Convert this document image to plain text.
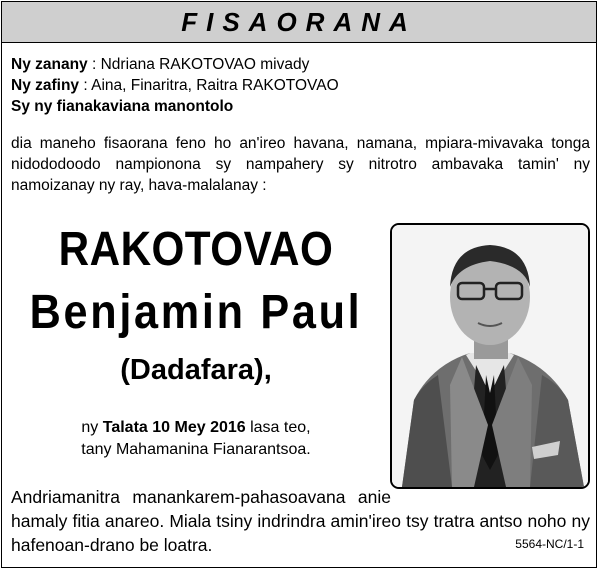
FISAORANA
Ny zanany : Ndriana RAKOTOVAO mivady
Ny zafiny : Aina, Finaritra, Raitra RAKOTOVAO
Sy ny fianakaviana manontolo
dia maneho fisaorana feno ho an'ireo havana, namana, mpiara-mivavaka tonga nidododoodo nampionona sy nampahery sy nitrotro ambavaka tamin' ny namoizanay ny ray, hava-malalanay :
RAKOTOVAO
Benjamin Paul
(Dadafara),
ny Talata 10 Mey 2016 lasa teo,
tany Mahamanina Fianarantsoa.
Andriamanitra manankarem-pahasoavana anie
hamaly fitia anareo. Miala tsiny indrindra amin'ireo tsy tratra antso noho ny hafenoan-drano be loatra.	5564-NC/1-1
